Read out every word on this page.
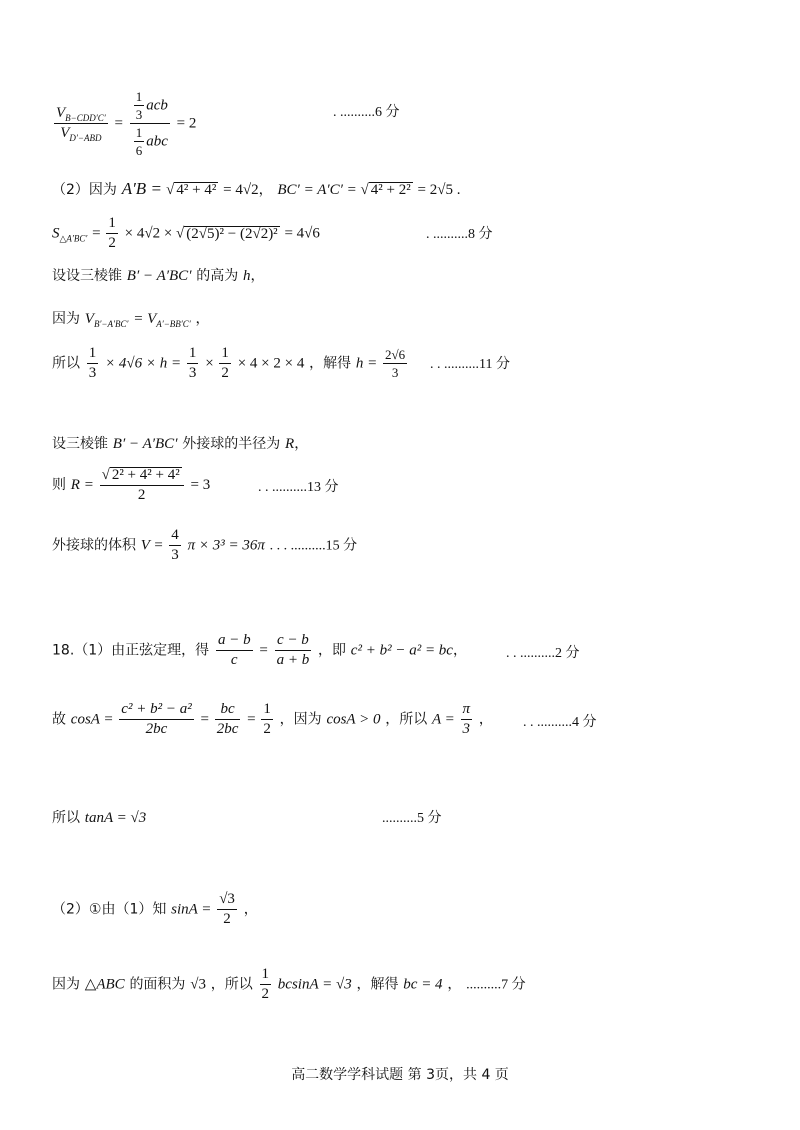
$\frac{V_{B-CDD'C'}}{V_{D'-ABD}} = \frac{\frac{1}{3} acb}{\frac{1}{6} abc} = 2$
. ..........6 分
（2）因为 A′B = √ 4² + 4² = 4√2， BC′ = A′C′ = √ 4² + 2² = 2√5 .
$S_{\triangle A'BC'} = \frac{1}{2} \times 4√2$ × √ (2√5)² − (2√2)² = 4√6	. ..........8 分
设设三棱锥 B′ − A′BC′ 的高为 h，
因为 $V_{B'-A'BC'} = V_{A'-BB'C'}$ ，
所以 $\frac{1}{3} \times 4√6 \times h = \frac{1}{3} \times \frac{1}{2} \times 4 \times 2 \times 4$ ，解得 $h = \frac{2√6}{3}$ . . ..........11 分
设三棱锥 B′ − A′BC′ 外接球的半径为 R，
则 $R = \frac{\text{√ 2² + 4² + 4²}}{2} = 3$	. . ..........13 分
外接球的体积 $V = \frac{4}{3}$ π × 3³ = 36π . . . ..........15 分
18.（1）由正弦定理，得 $\frac{a - b}{c} = \frac{c - b}{a + b}$ ，即 c² + b² − a² = bc，	. . ..........2 分
故 $\cos A = \frac{\text{c² + b² − a²}}{2bc} = \frac{bc}{2bc} = \frac{1}{2}$ ，因为 cosA > 0 ，所以 $A = \frac{\pi}{3}$ ， . . ..........4 分
所以 tanA = √3	..........5 分
（2）①由（1）知 $\sin A = \frac{√3}{2}$ ，
因为 △ABC 的面积为 √3 ，所以 $\frac{1}{2}$ bcsinA = √3 ，解得 bc = 4 ， ..........7 分
高二数学学科试题 第 3页，共 4 页
